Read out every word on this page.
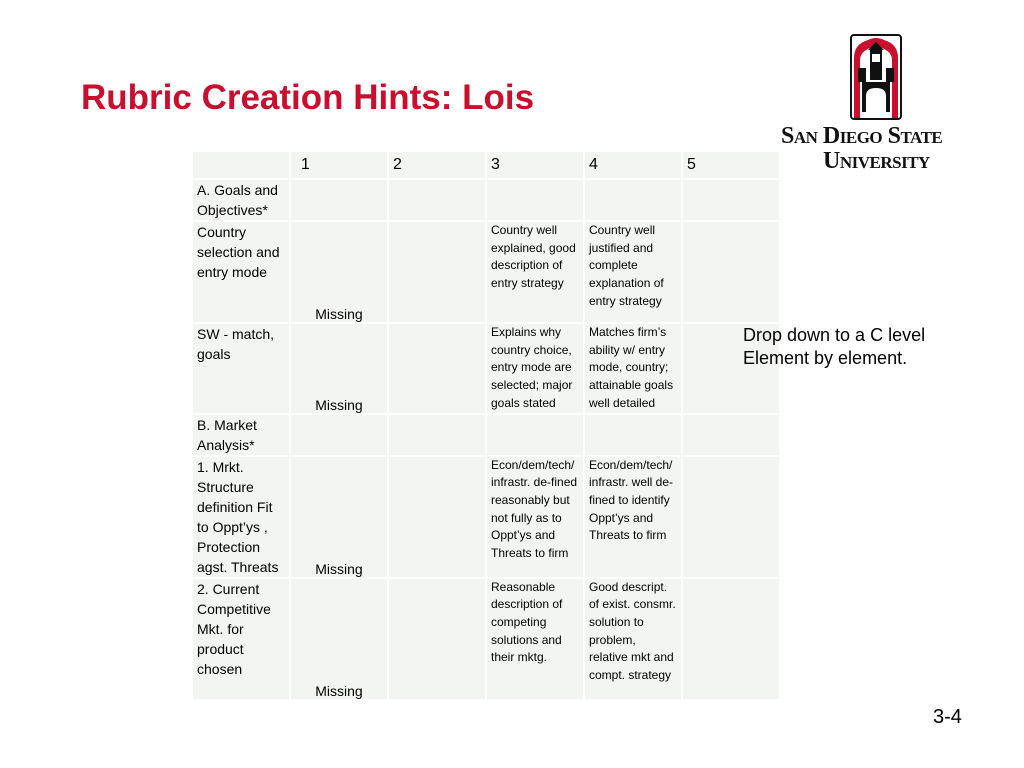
Rubric Creation Hints: Lois
San Diego State
University
	1	2	3	4	5
A. Goals and Objectives*					
Country selection and entry mode	Missing		Country well explained, good description of entry strategy	Country well justified and complete explanation of entry strategy	
SW - match, goals	Missing		Explains why country choice, entry mode are selected; major goals stated	Matches firm’s ability w/ entry mode, country; attainable goals well detailed	
B. Market Analysis*					
1. Mrkt. Structure definition Fit to Oppt’ys , Protection agst. Threats	Missing		Econ/dem/tech/ infrastr. de-fined reasonably but not fully as to Oppt’ys and Threats to firm	Econ/dem/tech/ infrastr. well de-fined to identify Oppt’ys and Threats to firm	
2. Current Competitive Mkt. for product chosen	Missing		Reasonable description of competing solutions and their mktg.	Good descript. of exist. consmr. solution to problem, relative mkt and compt. strategy	
Drop down to a C level Element by element.
3-4
